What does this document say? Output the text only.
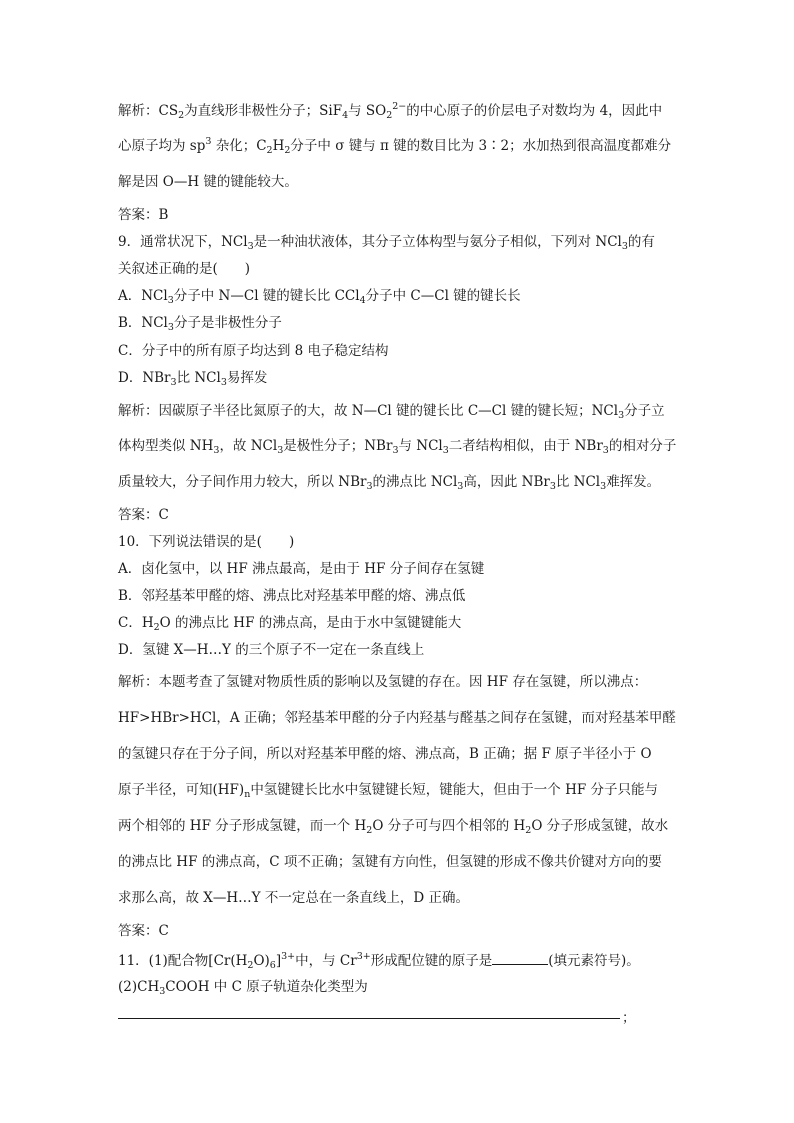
解析：$CS_2$为直线形非极性分子；SiF$_4$与 $SO_2^{2-}$的中心原子的价层电子对数均为 4，因此中
心原子均为 $sp^3$ 杂化；$C_2H_2$分子中 σ 键与 π 键的数目比为 3∶2；水加热到很高温度都难分
解是因 O—H 键的键能较大。
答案：B
9．通常状况下，NCl$_3$是一种油状液体，其分子立体构型与氨分子相似，下列对 NCl$_3$的有
关叙述正确的是(　　)
A．NCl$_3$分子中 N—Cl 键的键长比 CCl$_4$分子中 C—Cl 键的键长长
B．NCl$_3$分子是非极性分子
C．分子中的所有原子均达到 8 电子稳定结构
D．NBr$_3$比 NCl$_3$易挥发
解析：因碳原子半径比氮原子的大，故 N—Cl 键的键长比 C—Cl 键的键长短；NCl$_3$分子立
体构型类似 $NH_3$，故 NCl$_3$是极性分子；NBr$_3$与 NCl$_3$二者结构相似，由于 NBr$_3$的相对分子
质量较大，分子间作用力较大，所以 NBr$_3$的沸点比 NCl$_3$高，因此 NBr$_3$比 NCl$_3$难挥发。
答案：C
10．下列说法错误的是(　　)
A．卤化氢中，以 HF 沸点最高，是由于 HF 分子间存在氢键
B．邻羟基苯甲醛的熔、沸点比对羟基苯甲醛的熔、沸点低
C．$H_2O$ 的沸点比 HF 的沸点高，是由于水中氢键键能大
D．氢键 X—H…Y 的三个原子不一定在一条直线上
解析：本题考查了氢键对物质性质的影响以及氢键的存在。因 HF 存在氢键，所以沸点：
HF>HBr>HCl，A 正确；邻羟基苯甲醛的分子内羟基与醛基之间存在氢键，而对羟基苯甲醛
的氢键只存在于分子间，所以对羟基苯甲醛的熔、沸点高，B 正确；据 F 原子半径小于 O
原子半径，可知$(HF)_n$中氢键键长比水中氢键键长短，键能大，但由于一个 HF 分子只能与
两个相邻的 HF 分子形成氢键，而一个 $H_2O$ 分子可与四个相邻的 $H_2O$ 分子形成氢键，故水
的沸点比 HF 的沸点高，C 项不正确；氢键有方向性，但氢键的形成不像共价键对方向的要
求那么高，故 X—H…Y 不一定总在一条直线上，D 正确。
答案：C
11．(1)配合物$[Cr(H_2O)_6]^{3+}$中，与 $Cr^{3+}$形成配位键的原子是	(填元素符号)。
$(2)CH_3COOH$ 中 C 原子轨道杂化类型为
；
